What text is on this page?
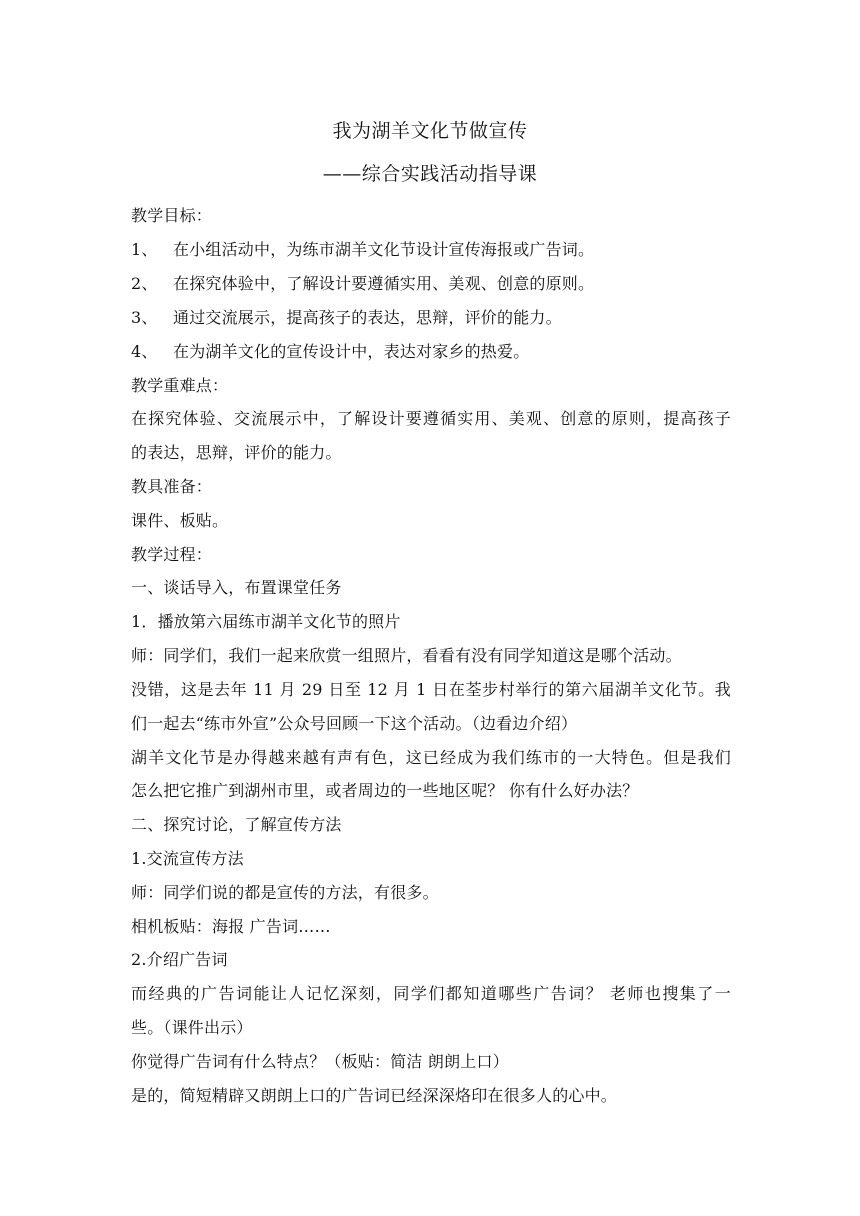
我为湖羊文化节做宣传
——综合实践活动指导课
教学目标：
1、 在小组活动中，为练市湖羊文化节设计宣传海报或广告词。
2、 在探究体验中，了解设计要遵循实用、美观、创意的原则。
3、 通过交流展示，提高孩子的表达，思辩，评价的能力。
4、 在为湖羊文化的宣传设计中，表达对家乡的热爱。
教学重难点：
在探究体验、交流展示中，了解设计要遵循实用、美观、创意的原则，提高孩子
的表达，思辩，评价的能力。
教具准备：
课件、板贴。
教学过程：
一、谈话导入，布置课堂任务
1．播放第六届练市湖羊文化节的照片
师：同学们，我们一起来欣赏一组照片，看看有没有同学知道这是哪个活动。
没错，这是去年 11 月 29 日至 12 月 1 日在荃步村举行的第六届湖羊文化节。我
们一起去“练市外宣”公众号回顾一下这个活动。（边看边介绍）
湖羊文化节是办得越来越有声有色，这已经成为我们练市的一大特色。但是我们
怎么把它推广到湖州市里，或者周边的一些地区呢？ 你有什么好办法？
二、探究讨论，了解宣传方法
1.交流宣传方法
师：同学们说的都是宣传的方法，有很多。
相机板贴：海报 广告词……
2.介绍广告词
而经典的广告词能让人记忆深刻，同学们都知道哪些广告词？ 老师也搜集了一
些。（课件出示）
你觉得广告词有什么特点？（板贴：简洁 朗朗上口）
是的，简短精辟又朗朗上口的广告词已经深深烙印在很多人的心中。
